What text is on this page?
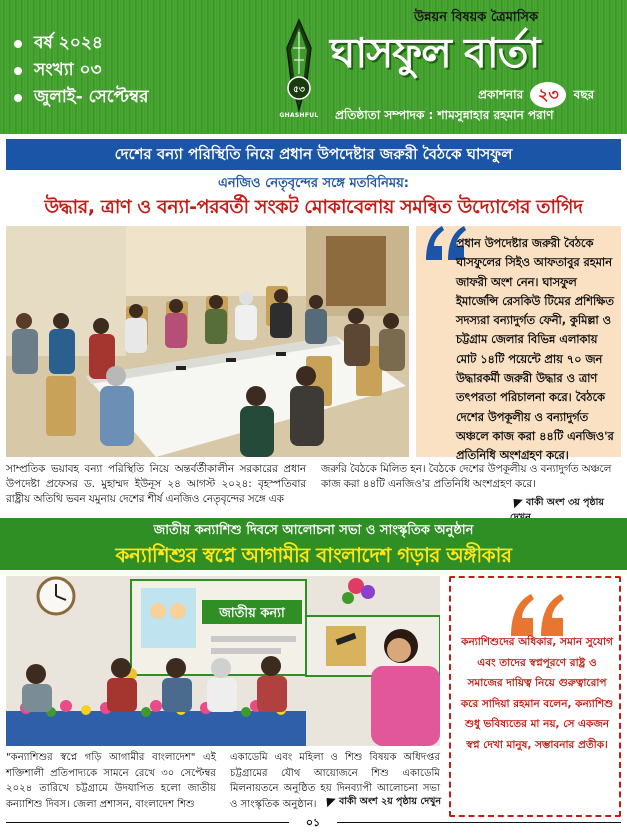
বর্ষ ২০২৪
সংখ্যা ০৩
জুলাই- সেপ্টেম্বর	৫৩
GHASHFUL
উন্নয়ন বিষয়ক ত্রৈমাসিক
ঘাসফুল বার্তা
প্রকাশনার ২৩ বছর
প্রতিষ্ঠাতা সম্পাদক : শামসুন্নাহার রহমান পরাণ
দেশের বন্যা পরিস্থিতি নিয়ে প্রধান উপদেষ্টার জরুরী বৈঠকে ঘাসফুল
এনজিও নেতৃবৃন্দের সঙ্গে মতবিনিময়:
উদ্ধার, ত্রাণ ও বন্যা-পরবর্তী সংকট মোকাবেলায় সমন্বিত উদ্যোগের তাগিদ
প্রধান উপদেষ্টার জরুরী বৈঠকে ঘাসফুলের সিইও আফতাবুর রহমান জাফরী অংশ নেন। ঘাসফুল ইমার্জেন্সি রেসকিউ টিমের প্রশিক্ষিত সদস্যরা বন্যাদুর্গত ফেনী, কুমিল্লা ও চট্টগ্রাম জেলার বিভিন্ন এলাকায় মোট ১৪টি পয়েন্টে প্রায় ৭০ জন উদ্ধারকর্মী জরুরী উদ্ধার ও ত্রাণ তৎপরতা পরিচালনা করে। বৈঠকে দেশের উপকূলীয় ও বন্যাদুর্গত অঞ্চলে কাজ করা ৪৪টি এনজিও'র প্রতিনিধি অংশগ্রহণ করে।
সাম্প্রতিক ভয়াবহ বন্যা পরিস্থিতি নিয়ে অন্তর্বর্তীকালীন সরকারের প্রধান উপদেষ্টা প্রফেসর ড. মুহাম্মদ ইউনূস ২৪ আগস্ট ২০২৪: বৃহস্পতিবার রাষ্ট্রীয় অতিথি ভবন যমুনায় দেশের শীর্ষ এনজিও নেতৃবৃন্দের সঙ্গে এক
জরুরি বৈঠকে মিলিত হন। বৈঠকে দেশের উপকূলীয় ও বন্যাদুর্গত অঞ্চলে কাজ করা ৪৪টি এনজিও'র প্রতিনিধি অংশগ্রহণ করে।
বাকী অংশ ৩য় পৃষ্ঠায়
জাতীয় কন্যাশিশু দিবসে আলোচনা সভা ও সাংস্কৃতিক অনুষ্ঠান
কন্যাশিশুর স্বপ্নে আগামীর বাংলাদেশ গড়ার অঙ্গীকার
জাতীয় কন্যা
কন্যাশিশুদের অধিকার, সমান সুযোগ এবং তাদের স্বপ্নপূরণে রাষ্ট্র ও সমাজের দায়িত্ব নিয়ে গুরুত্বারোপ করে সাদিয়া রহমান বলেন, কন্যাশিশু শুধু ভবিষ্যতের মা নয়, সে একজন স্বপ্ন দেখা মানুষ, সম্ভাবনার প্রতীক।
"কন্যাশিশুর স্বপ্নে গড়ি আগামীর বাংলাদেশ" এই শক্তিশালী প্রতিপাদ্যকে সামনে রেখে ৩০ সেপ্টেম্বর ২০২৪ তারিখে চট্টগ্রামে উদযাপিত হলো জাতীয় কন্যাশিশু দিবস। জেলা প্রশাসন, বাংলাদেশ শিশু
একাডেমি এবং মহিলা ও শিশু বিষয়ক অধিদপ্তর চট্টগ্রামের যৌথ আয়োজনে শিশু একাডেমি মিলনায়তনে অনুষ্ঠিত হয় দিনব্যাপী আলোচনা সভা ও সাংস্কৃতিক অনুষ্ঠান।	বাকী অংশ ২য় পৃষ্ঠায় দেখুন
০১
